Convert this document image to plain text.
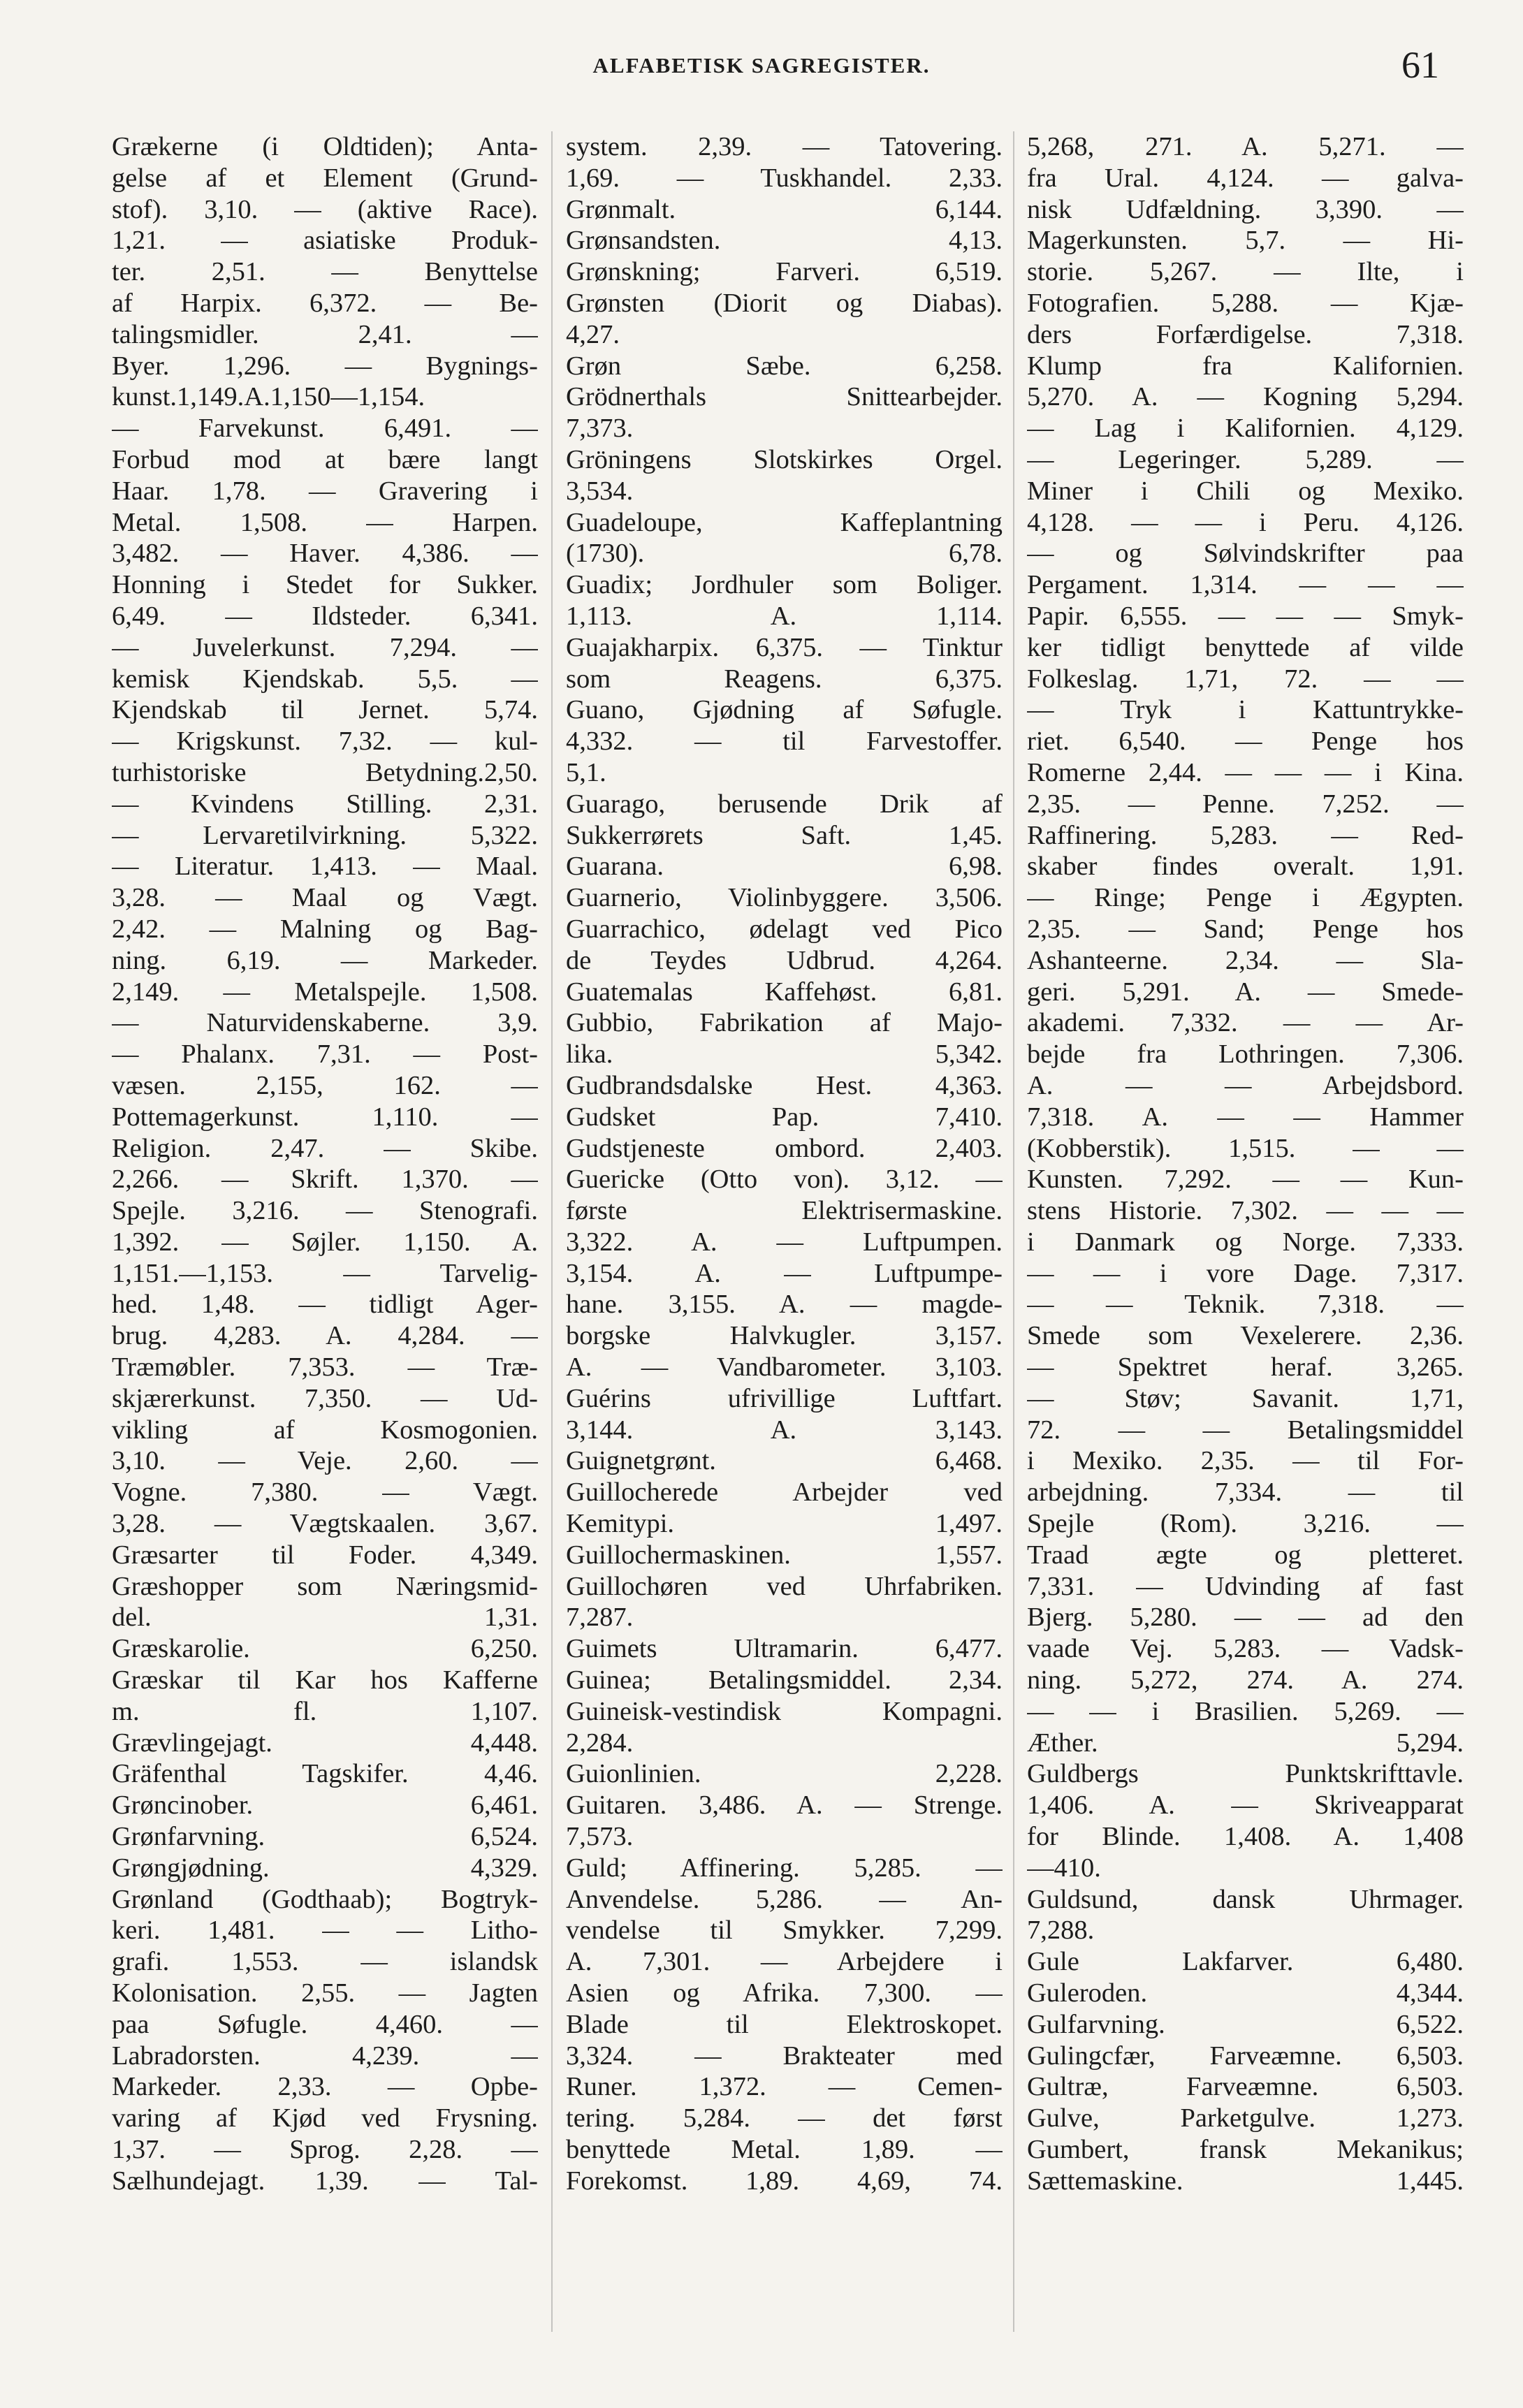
ALFABETISK SAGREGISTER.	61
Grækerne (i Oldtiden); Anta-
gelse af et Element (Grund-
stof). 3,10. — (aktive Race).
1,21. — asiatiske Produk-
ter. 2,51. — Benyttelse
af Harpix. 6,372. — Be-
talingsmidler. 2,41. —
Byer. 1,296. — Bygnings-
kunst.1,149.A.1,150—1,154.
— Farvekunst. 6,491. —
Forbud mod at bære langt
Haar. 1,78. — Gravering i
Metal. 1,508. — Harpen.
3,482. — Haver. 4,386. —
Honning i Stedet for Sukker.
6,49. — Ildsteder. 6,341.
— Juvelerkunst. 7,294. —
kemisk Kjendskab. 5,5. —
Kjendskab til Jernet. 5,74.
— Krigskunst. 7,32. — kul-
turhistoriske Betydning.2,50.
— Kvindens Stilling. 2,31.
— Lervaretilvirkning. 5,322.
— Literatur. 1,413. — Maal.
3,28. — Maal og Vægt.
2,42. — Malning og Bag-
ning. 6,19. — Markeder.
2,149. — Metalspejle. 1,508.
— Naturvidenskaberne. 3,9.
— Phalanx. 7,31. — Post-
væsen. 2,155, 162. —
Pottemagerkunst. 1,110. —
Religion. 2,47. — Skibe.
2,266. — Skrift. 1,370. —
Spejle. 3,216. — Stenografi.
1,392. — Søjler. 1,150. A.
1,151.—1,153. — Tarvelig-
hed. 1,48. — tidligt Ager-
brug. 4,283. A. 4,284. —
Træmøbler. 7,353. — Træ-
skjærerkunst. 7,350. — Ud-
vikling af Kosmogonien.
3,10. — Veje. 2,60. —
Vogne. 7,380. — Vægt.
3,28. — Vægtskaalen. 3,67.
Græsarter til Foder. 4,349.
Græshopper som Næringsmid-
del. 1,31.
Græskarolie. 6,250.
Græskar til Kar hos Kafferne
m. fl. 1,107.
Grævlingejagt. 4,448.
Gräfenthal Tagskifer. 4,46.
Grøncinober. 6,461.
Grønfarvning. 6,524.
Grøngjødning. 4,329.
Grønland (Godthaab); Bogtryk-
keri. 1,481. — — Litho-
grafi. 1,553. — islandsk
Kolonisation. 2,55. — Jagten
paa Søfugle. 4,460. —
Labradorsten. 4,239. —
Markeder. 2,33. — Opbe-
varing af Kjød ved Frysning.
1,37. — Sprog. 2,28. —
Sælhundejagt. 1,39. — Tal-
system. 2,39. — Tatovering.
1,69. — Tuskhandel. 2,33.
Grønmalt. 6,144.
Grønsandsten. 4,13.
Grønskning; Farveri. 6,519.
Grønsten (Diorit og Diabas).
4,27.
Grøn Sæbe. 6,258.
Grödnerthals Snittearbejder.
7,373.
Gröningens Slotskirkes Orgel.
3,534.
Guadeloupe, Kaffeplantning
(1730). 6,78.
Guadix; Jordhuler som Boliger.
1,113. A. 1,114.
Guajakharpix. 6,375. — Tinktur
som Reagens. 6,375.
Guano, Gjødning af Søfugle.
4,332. — til Farvestoffer.
5,1.
Guarago, berusende Drik af
Sukkerrørets Saft. 1,45.
Guarana. 6,98.
Guarnerio, Violinbyggere. 3,506.
Guarrachico, ødelagt ved Pico
de Teydes Udbrud. 4,264.
Guatemalas Kaffehøst. 6,81.
Gubbio, Fabrikation af Majo-
lika. 5,342.
Gudbrandsdalske Hest. 4,363.
Gudsket Pap. 7,410.
Gudstjeneste ombord. 2,403.
Guericke (Otto von). 3,12. —
første Elektrisermaskine.
3,322. A. — Luftpumpen.
3,154. A. — Luftpumpe-
hane. 3,155. A. — magde-
borgske Halvkugler. 3,157.
A. — Vandbarometer. 3,103.
Guérins ufrivillige Luftfart.
3,144. A. 3,143.
Guignetgrønt. 6,468.
Guillocherede Arbejder ved
Kemitypi. 1,497.
Guillochermaskinen. 1,557.
Guillochøren ved Uhrfabriken.
7,287.
Guimets Ultramarin. 6,477.
Guinea; Betalingsmiddel. 2,34.
Guineisk-vestindisk Kompagni.
2,284.
Guionlinien. 2,228.
Guitaren. 3,486. A. — Strenge.
7,573.
Guld; Affinering. 5,285. —
Anvendelse. 5,286. — An-
vendelse til Smykker. 7,299.
A. 7,301. — Arbejdere i
Asien og Afrika. 7,300. —
Blade til Elektroskopet.
3,324. — Brakteater med
Runer. 1,372. — Cemen-
tering. 5,284. — det først
benyttede Metal. 1,89. —
Forekomst. 1,89. 4,69, 74.
5,268, 271. A. 5,271. —
fra Ural. 4,124. — galva-
nisk Udfældning. 3,390. —
Magerkunsten. 5,7. — Hi-
storie. 5,267. — Ilte, i
Fotografien. 5,288. — Kjæ-
ders Forfærdigelse. 7,318.
Klump fra Kalifornien.
5,270. A. — Kogning 5,294.
— Lag i Kalifornien. 4,129.
— Legeringer. 5,289. —
Miner i Chili og Mexiko.
4,128. — — i Peru. 4,126.
— og Sølvindskrifter paa
Pergament. 1,314. — — —
Papir. 6,555. — — — Smyk-
ker tidligt benyttede af vilde
Folkeslag. 1,71, 72. — —
— Tryk i Kattuntrykke-
riet. 6,540. — Penge hos
Romerne 2,44. — — — i Kina.
2,35. — Penne. 7,252. —
Raffinering. 5,283. — Red-
skaber findes overalt. 1,91.
— Ringe; Penge i Ægypten.
2,35. — Sand; Penge hos
Ashanteerne. 2,34. — Sla-
geri. 5,291. A. — Smede-
akademi. 7,332. — — Ar-
bejde fra Lothringen. 7,306.
A. — — Arbejdsbord.
7,318. A. — — Hammer
(Kobberstik). 1,515. — —
Kunsten. 7,292. — — Kun-
stens Historie. 7,302. — — —
i Danmark og Norge. 7,333.
— — i vore Dage. 7,317.
— — Teknik. 7,318. —
Smede som Vexelerere. 2,36.
— Spektret heraf. 3,265.
— Støv; Savanit. 1,71,
72. — — Betalingsmiddel
i Mexiko. 2,35. — til For-
arbejdning. 7,334. — til
Spejle (Rom). 3,216. —
Traad ægte og pletteret.
7,331. — Udvinding af fast
Bjerg. 5,280. — — ad den
vaade Vej. 5,283. — Vadsk-
ning. 5,272, 274. A. 274.
— — i Brasilien. 5,269. —
Æther. 5,294.
Guldbergs Punktskrifttavle.
1,406. A. — Skriveapparat
for Blinde. 1,408. A. 1,408
—410.
Guldsund, dansk Uhrmager.
7,288.
Gule Lakfarver. 6,480.
Guleroden. 4,344.
Gulfarvning. 6,522.
Gulingcfær, Farveæmne. 6,503.
Gultræ, Farveæmne. 6,503.
Gulve, Parketgulve. 1,273.
Gumbert, fransk Mekanikus;
Sættemaskine. 1,445.
